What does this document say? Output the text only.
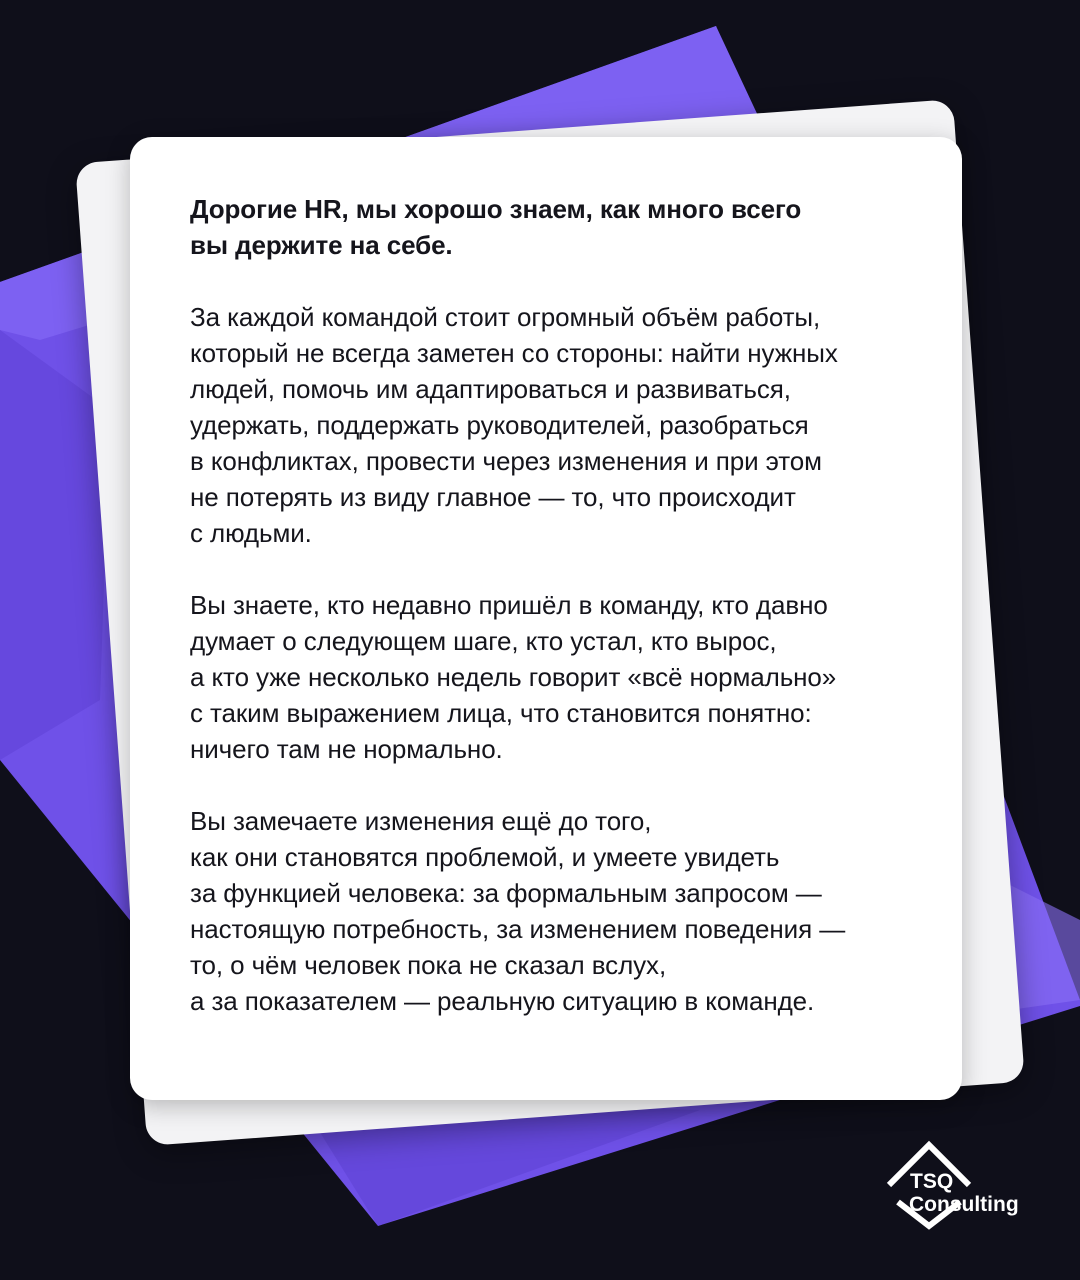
Дорогие HR, мы хорошо знаем, как много всего
вы держите на себе.

За каждой командой стоит огромный объём работы,
который не всегда заметен со стороны: найти нужных
людей, помочь им адаптироваться и развиваться,
удержать, поддержать руководителей, разобраться
в конфликтах, провести через изменения и при этом
не потерять из виду главное — то, что происходит
с людьми.

Вы знаете, кто недавно пришёл в команду, кто давно
думает о следующем шаге, кто устал, кто вырос,
а кто уже несколько недель говорит «всё нормально»
с таким выражением лица, что становится понятно:
ничего там не нормально.

Вы замечаете изменения ещё до того,
как они становятся проблемой, и умеете увидеть
за функцией человека: за формальным запросом —
настоящую потребность, за изменением поведения —
то, о чём человек пока не сказал вслух,
а за показателем — реальную ситуацию в команде.

TSQ
Consulting
